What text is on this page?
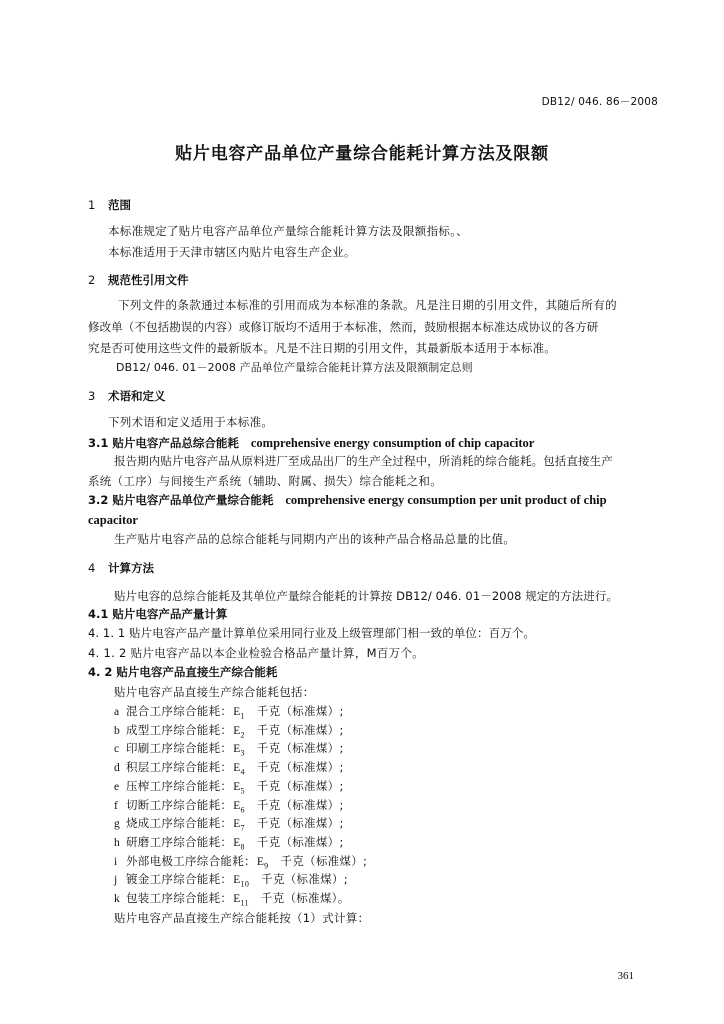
DB12/ 046. 86－2008
贴片电容产品单位产量综合能耗计算方法及限额
1 范围
本标准规定了贴片电容产品单位产量综合能耗计算方法及限额指标。、
本标准适用于天津市辖区内贴片电容生产企业。
2 规范性引用文件
下列文件的条款通过本标准的引用而成为本标准的条款。凡是注日期的引用文件，其随后所有的
修改单（不包括勘误的内容）或修订版均不适用于本标准，然而，鼓励根据本标准达成协议的各方研
究是否可使用这些文件的最新版本。凡是不注日期的引用文件，其最新版本适用于本标准。
DB12/ 046. 01－2008 产品单位产量综合能耗计算方法及限额制定总则
3 术语和定义
下列术语和定义适用于本标准。
3.1 贴片电容产品总综合能耗 comprehensive energy consumption of chip capacitor
报告期内贴片电容产品从原料进厂至成品出厂的生产全过程中，所消耗的综合能耗。包括直接生产
系统（工序）与间接生产系统（辅助、附属、损失）综合能耗之和。
3.2 贴片电容产品单位产量综合能耗 comprehensive energy consumption per unit product of chip
capacitor
生产贴片电容产品的总综合能耗与同期内产出的该种产品合格品总量的比值。
4 计算方法
贴片电容的总综合能耗及其单位产量综合能耗的计算按 DB12/ 046. 01－2008 规定的方法进行。
4.1 贴片电容产品产量计算
4. 1. 1 贴片电容产品产量计算单位采用同行业及上级管理部门相一致的单位：百万个。
4. 1. 2 贴片电容产品以本企业检验合格品产量计算，M百万个。
4. 2 贴片电容产品直接生产综合能耗
贴片电容产品直接生产综合能耗包括：
a 混合工序综合能耗：$E_1$ 千克（标准煤）;
b 成型工序综合能耗：$E_2$ 千克（标准煤）;
c 印刷工序综合能耗：$E_3$ 千克（标准煤）;
d 积层工序综合能耗：$E_4$ 千克（标准煤）;
e 压榨工序综合能耗：$E_5$ 千克（标准煤）;
f 切断工序综合能耗：$E_6$ 千克（标准煤）;
g 烧成工序综合能耗：$E_7$ 千克（标准煤）;
h 研磨工序综合能耗：$E_8$ 千克（标准煤）;
i 外部电极工序综合能耗：$E_9$ 千克（标准煤）;
j 镀金工序综合能耗：$E_{10}$ 千克（标准煤）;
k 包装工序综合能耗：$E_{11}$ 千克（标准煤）。
贴片电容产品直接生产综合能耗按（1）式计算：
361
